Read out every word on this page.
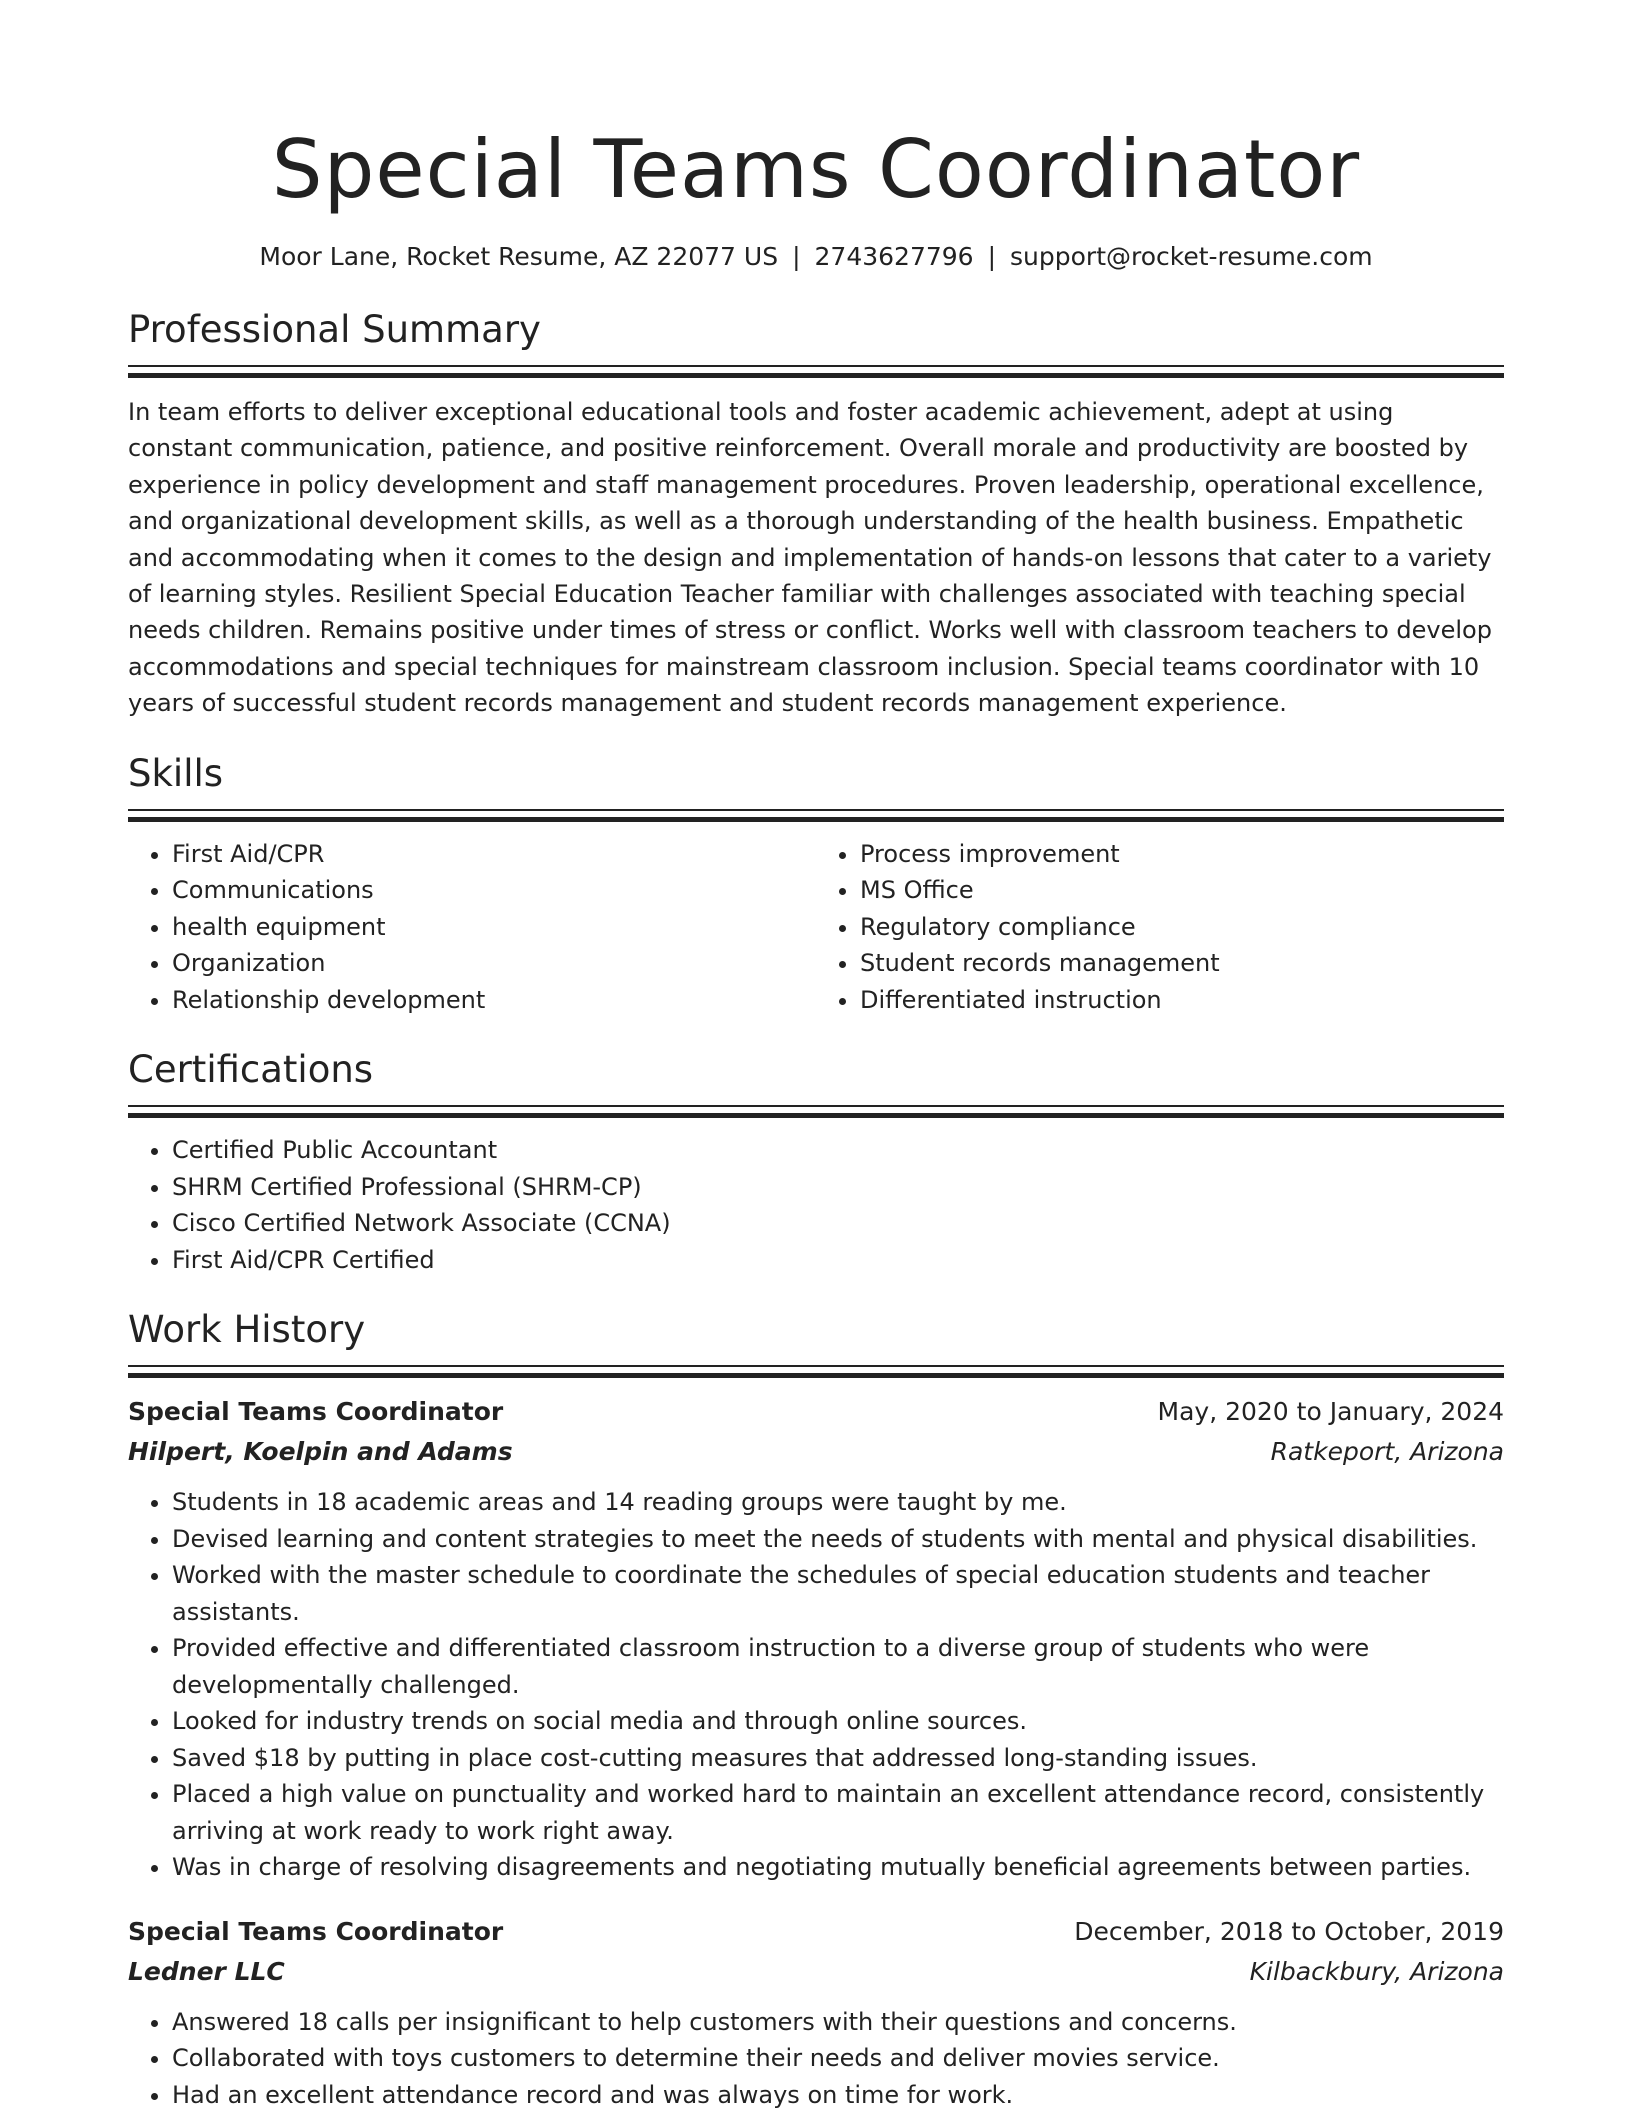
Special Teams Coordinator
Moor Lane, Rocket Resume, AZ 22077 US | 2743627796 | support@rocket-resume.com
Professional Summary

In team efforts to deliver exceptional educational tools and foster academic achievement, adept at using constant communication, patience, and positive reinforcement. Overall morale and productivity are boosted by experience in policy development and staff management procedures. Proven leadership, operational excellence, and organizational development skills, as well as a thorough understanding of the health business. Empathetic and accommodating when it comes to the design and implementation of hands-on lessons that cater to a variety of learning styles. Resilient Special Education Teacher familiar with challenges associated with teaching special needs children. Remains positive under times of stress or conflict. Works well with classroom teachers to develop accommodations and special techniques for mainstream classroom inclusion. Special teams coordinator with 10 years of successful student records management and student records management experience.

Skills
• First Aid/CPR
• Communications
• health equipment
• Organization
• Relationship development
• Process improvement
• MS Office
• Regulatory compliance
• Student records management
• Differentiated instruction
Certifications
• Certified Public Accountant
• SHRM Certified Professional (SHRM-CP)
• Cisco Certified Network Associate (CCNA)
• First Aid/CPR Certified
Work History
Special Teams Coordinator	May, 2020 to January, 2024
Hilpert, Koelpin and Adams	Ratkeport, Arizona
• Students in 18 academic areas and 14 reading groups were taught by me.
• Devised learning and content strategies to meet the needs of students with mental and physical disabilities.
• Worked with the master schedule to coordinate the schedules of special education students and teacher assistants.
• Provided effective and differentiated classroom instruction to a diverse group of students who were developmentally challenged.
• Looked for industry trends on social media and through online sources.
• Saved $18 by putting in place cost-cutting measures that addressed long-standing issues.
• Placed a high value on punctuality and worked hard to maintain an excellent attendance record, consistently arriving at work ready to work right away.
• Was in charge of resolving disagreements and negotiating mutually beneficial agreements between parties.
Special Teams Coordinator	December, 2018 to October, 2019
Ledner LLC	Kilbackbury, Arizona
• Answered 18 calls per insignificant to help customers with their questions and concerns.
• Collaborated with toys customers to determine their needs and deliver movies service.
• Had an excellent attendance record and was always on time for work.
